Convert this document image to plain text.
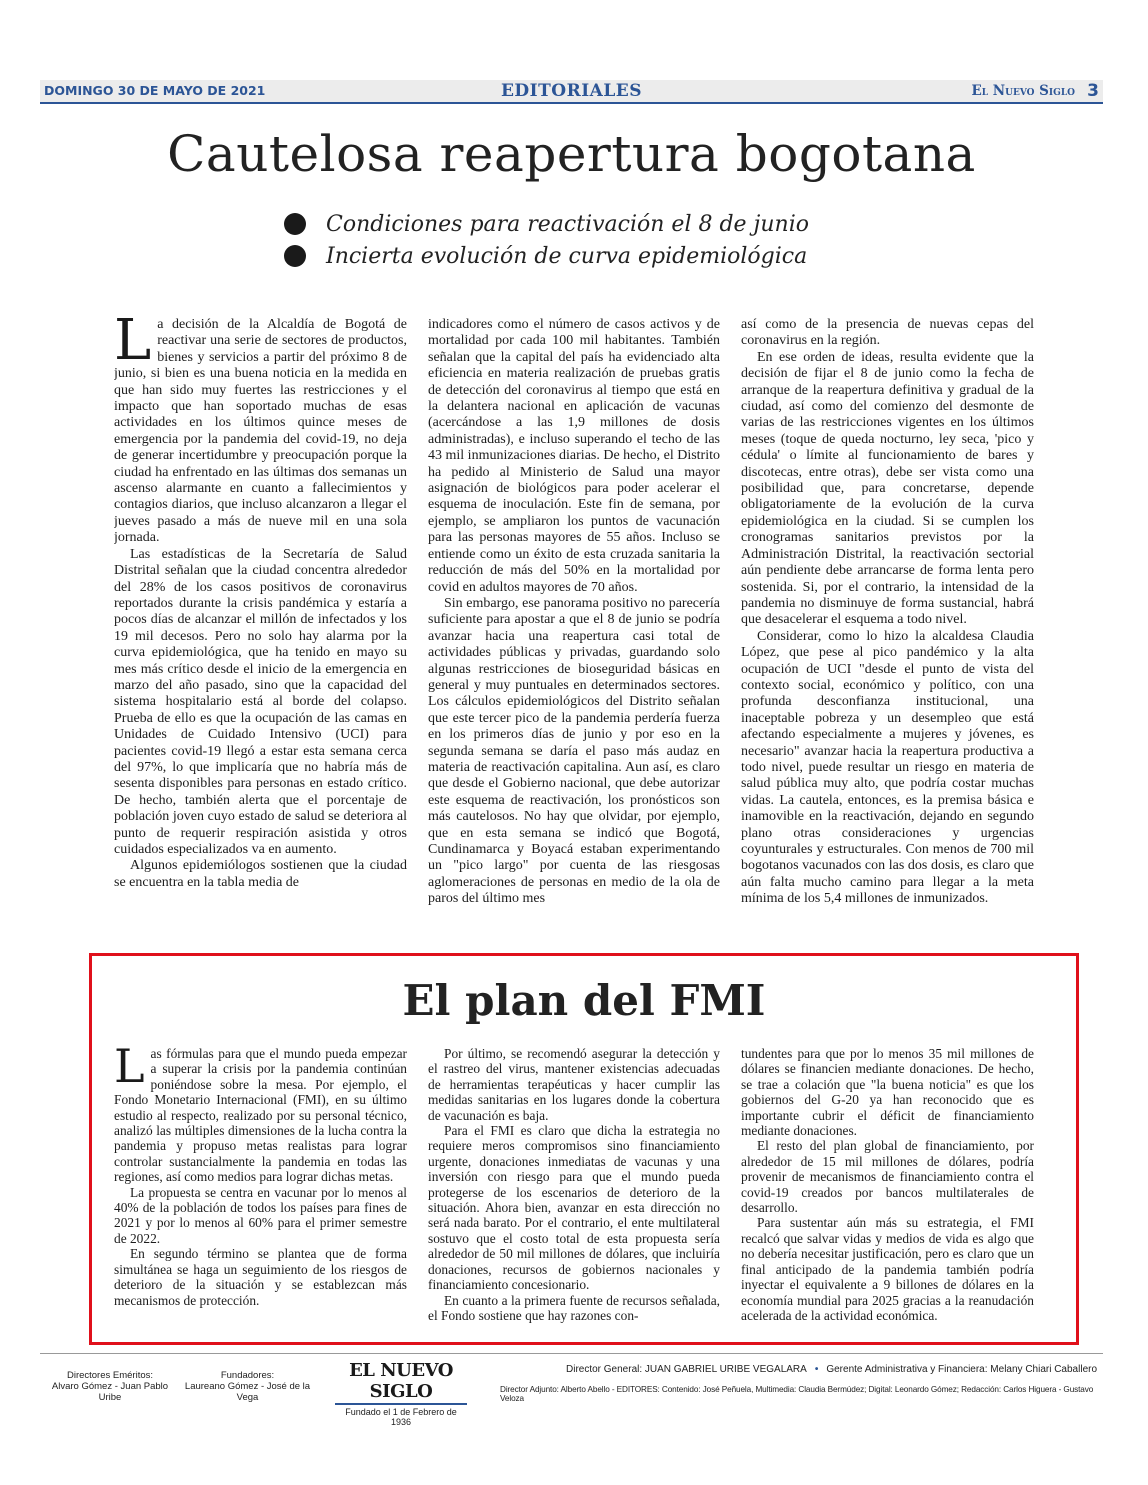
DOMINGO 30 DE MAYO DE 2021	EDITORIALES	El Nuevo Siglo 3
Cautelosa reapertura bogotana
Condiciones para reactivación el 8 de junio
Incierta evolución de curva epidemiológica
L a decisión de la Alcaldía de Bogotá de reactivar una serie de sectores de productos, bienes y servicios a partir del próximo 8 de junio, si bien es una buena noticia en la medida en que han sido muy fuertes las restricciones y el impacto que han soportado muchas de esas actividades en los últimos quince meses de emergencia por la pandemia del covid-19, no deja de generar incertidumbre y preocupación porque la ciudad ha enfrentado en las últimas dos semanas un ascenso alarmante en cuanto a fallecimientos y contagios diarios, que incluso alcanzaron a llegar el jueves pasado a más de nueve mil en una sola jornada.

Las estadísticas de la Secretaría de Salud Distrital señalan que la ciudad concentra alrededor del 28% de los casos positivos de coronavirus reportados durante la crisis pandémica y estaría a pocos días de alcanzar el millón de infectados y los 19 mil decesos. Pero no solo hay alarma por la curva epidemiológica, que ha tenido en mayo su mes más crítico desde el inicio de la emergencia en marzo del año pasado, sino que la capacidad del sistema hospitalario está al borde del colapso. Prueba de ello es que la ocupación de las camas en Unidades de Cuidado Intensivo (UCI) para pacientes covid-19 llegó a estar esta semana cerca del 97%, lo que implicaría que no habría más de sesenta disponibles para personas en estado crítico. De hecho, también alerta que el porcentaje de población joven cuyo estado de salud se deteriora al punto de requerir respiración asistida y otros cuidados especializados va en aumento.

Algunos epidemiólogos sostienen que la ciudad se encuentra en la tabla media de

indicadores como el número de casos activos y de mortalidad por cada 100 mil habitantes. También señalan que la capital del país ha evidenciado alta eficiencia en materia realización de pruebas gratis de detección del coronavirus al tiempo que está en la delantera nacional en aplicación de vacunas (acercándose a las 1,9 millones de dosis administradas), e incluso superando el techo de las 43 mil inmunizaciones diarias. De hecho, el Distrito ha pedido al Ministerio de Salud una mayor asignación de biológicos para poder acelerar el esquema de inoculación. Este fin de semana, por ejemplo, se ampliaron los puntos de vacunación para las personas mayores de 55 años. Incluso se entiende como un éxito de esta cruzada sanitaria la reducción de más del 50% en la mortalidad por covid en adultos mayores de 70 años.

Sin embargo, ese panorama positivo no parecería suficiente para apostar a que el 8 de junio se podría avanzar hacia una reapertura casi total de actividades públicas y privadas, guardando solo algunas restricciones de bioseguridad básicas en general y muy puntuales en determinados sectores. Los cálculos epidemiológicos del Distrito señalan que este tercer pico de la pandemia perdería fuerza en los primeros días de junio y por eso en la segunda semana se daría el paso más audaz en materia de reactivación capitalina. Aun así, es claro que desde el Gobierno nacional, que debe autorizar este esquema de reactivación, los pronósticos son más cautelosos. No hay que olvidar, por ejemplo, que en esta semana se indicó que Bogotá, Cundinamarca y Boyacá estaban experimentando un "pico largo" por cuenta de las riesgosas aglomeraciones de personas en medio de la ola de paros del último mes

así como de la presencia de nuevas cepas del coronavirus en la región.

En ese orden de ideas, resulta evidente que la decisión de fijar el 8 de junio como la fecha de arranque de la reapertura definitiva y gradual de la ciudad, así como del comienzo del desmonte de varias de las restricciones vigentes en los últimos meses (toque de queda nocturno, ley seca, 'pico y cédula' o límite al funcionamiento de bares y discotecas, entre otras), debe ser vista como una posibilidad que, para concretarse, depende obligatoriamente de la evolución de la curva epidemiológica en la ciudad. Si se cumplen los cronogramas sanitarios previstos por la Administración Distrital, la reactivación sectorial aún pendiente debe arrancarse de forma lenta pero sostenida. Si, por el contrario, la intensidad de la pandemia no disminuye de forma sustancial, habrá que desacelerar el esquema a todo nivel.

Considerar, como lo hizo la alcaldesa Claudia López, que pese al pico pandémico y la alta ocupación de UCI "desde el punto de vista del contexto social, económico y político, con una profunda desconfianza institucional, una inaceptable pobreza y un desempleo que está afectando especialmente a mujeres y jóvenes, es necesario" avanzar hacia la reapertura productiva a todo nivel, puede resultar un riesgo en materia de salud pública muy alto, que podría costar muchas vidas. La cautela, entonces, es la premisa básica e inamovible en la reactivación, dejando en segundo plano otras consideraciones y urgencias coyunturales y estructurales. Con menos de 700 mil bogotanos vacunados con las dos dosis, es claro que aún falta mucho camino para llegar a la meta mínima de los 5,4 millones de inmunizados.

El plan del FMI
L as fórmulas para que el mundo pueda empezar a superar la crisis por la pandemia continúan poniéndose sobre la mesa. Por ejemplo, el Fondo Monetario Internacional (FMI), en su último estudio al respecto, realizado por su personal técnico, analizó las múltiples dimensiones de la lucha contra la pandemia y propuso metas realistas para lograr controlar sustancialmente la pandemia en todas las regiones, así como medios para lograr dichas metas.

La propuesta se centra en vacunar por lo menos al 40% de la población de todos los países para fines de 2021 y por lo menos al 60% para el primer semestre de 2022.

En segundo término se plantea que de forma simultánea se haga un seguimiento de los riesgos de deterioro de la situación y se establezcan más mecanismos de protección.

Por último, se recomendó asegurar la detección y el rastreo del virus, mantener existencias adecuadas de herramientas terapéuticas y hacer cumplir las medidas sanitarias en los lugares donde la cobertura de vacunación es baja.

Para el FMI es claro que dicha la estrategia no requiere meros compromisos sino financiamiento urgente, donaciones inmediatas de vacunas y una inversión con riesgo para que el mundo pueda protegerse de los escenarios de deterioro de la situación. Ahora bien, avanzar en esta dirección no será nada barato. Por el contrario, el ente multilateral sostuvo que el costo total de esta propuesta sería alrededor de 50 mil millones de dólares, que incluiría donaciones, recursos de gobiernos nacionales y financiamiento concesionario.

En cuanto a la primera fuente de recursos señalada, el Fondo sostiene que hay razones con-

tundentes para que por lo menos 35 mil millones de dólares se financien mediante donaciones. De hecho, se trae a colación que "la buena noticia" es que los gobiernos del G-20 ya han reconocido que es importante cubrir el déficit de financiamiento mediante donaciones.

El resto del plan global de financiamiento, por alrededor de 15 mil millones de dólares, podría provenir de mecanismos de financiamiento contra el covid-19 creados por bancos multilaterales de desarrollo.

Para sustentar aún más su estrategia, el FMI recalcó que salvar vidas y medios de vida es algo que no debería necesitar justificación, pero es claro que un final anticipado de la pandemia también podría inyectar el equivalente a 9 billones de dólares en la economía mundial para 2025 gracias a la reanudación acelerada de la actividad económica.

Directores Eméritos:
Alvaro Gómez - Juan Pablo Uribe
Fundadores:
Laureano Gómez - José de la Vega
EL NUEVO SIGLO
Fundado el 1 de Febrero de 1936
Director General: JUAN GABRIEL URIBE VEGALARA • Gerente Administrativa y Financiera: Melany Chiari Caballero
Director Adjunto: Alberto Abello - EDITORES: Contenido: José Peñuela, Multimedia: Claudia Bermúdez; Digital: Leonardo Gómez; Redacción: Carlos Higuera - Gustavo Veloza
